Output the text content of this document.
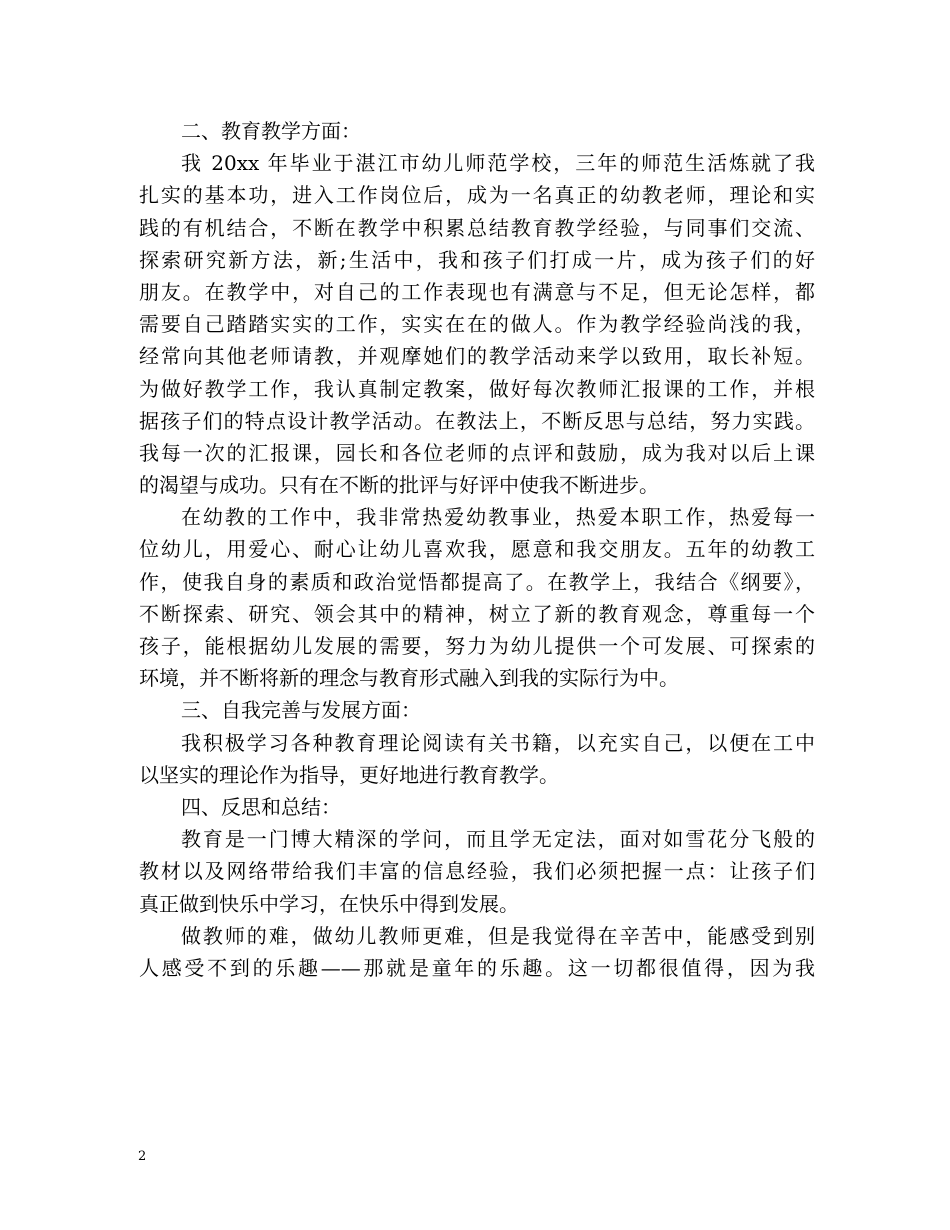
二、教育教学方面：
我 20xx 年毕业于湛江市幼儿师范学校，三年的师范生活炼就了我
扎实的基本功，进入工作岗位后，成为一名真正的幼教老师，理论和实
践的有机结合，不断在教学中积累总结教育教学经验，与同事们交流、
探索研究新方法，新;生活中，我和孩子们打成一片，成为孩子们的好
朋友。在教学中，对自己的工作表现也有满意与不足，但无论怎样，都
需要自己踏踏实实的工作，实实在在的做人。作为教学经验尚浅的我，
经常向其他老师请教，并观摩她们的教学活动来学以致用，取长补短。
为做好教学工作，我认真制定教案，做好每次教师汇报课的工作，并根
据孩子们的特点设计教学活动。在教法上，不断反思与总结，努力实践。
我每一次的汇报课，园长和各位老师的点评和鼓励，成为我对以后上课
的渴望与成功。只有在不断的批评与好评中使我不断进步。
在幼教的工作中，我非常热爱幼教事业，热爱本职工作，热爱每一
位幼儿，用爱心、耐心让幼儿喜欢我，愿意和我交朋友。五年的幼教工
作，使我自身的素质和政治觉悟都提高了。在教学上，我结合《纲要》，
不断探索、研究、领会其中的精神，树立了新的教育观念，尊重每一个
孩子，能根据幼儿发展的需要，努力为幼儿提供一个可发展、可探索的
环境，并不断将新的理念与教育形式融入到我的实际行为中。
三、自我完善与发展方面：
我积极学习各种教育理论阅读有关书籍，以充实自己，以便在工中
以坚实的理论作为指导，更好地进行教育教学。
四、反思和总结：
教育是一门博大精深的学问，而且学无定法，面对如雪花分飞般的
教材以及网络带给我们丰富的信息经验，我们必须把握一点：让孩子们
真正做到快乐中学习，在快乐中得到发展。
做教师的难，做幼儿教师更难，但是我觉得在辛苦中，能感受到别
人感受不到的乐趣——那就是童年的乐趣。这一切都很值得，因为我
2
